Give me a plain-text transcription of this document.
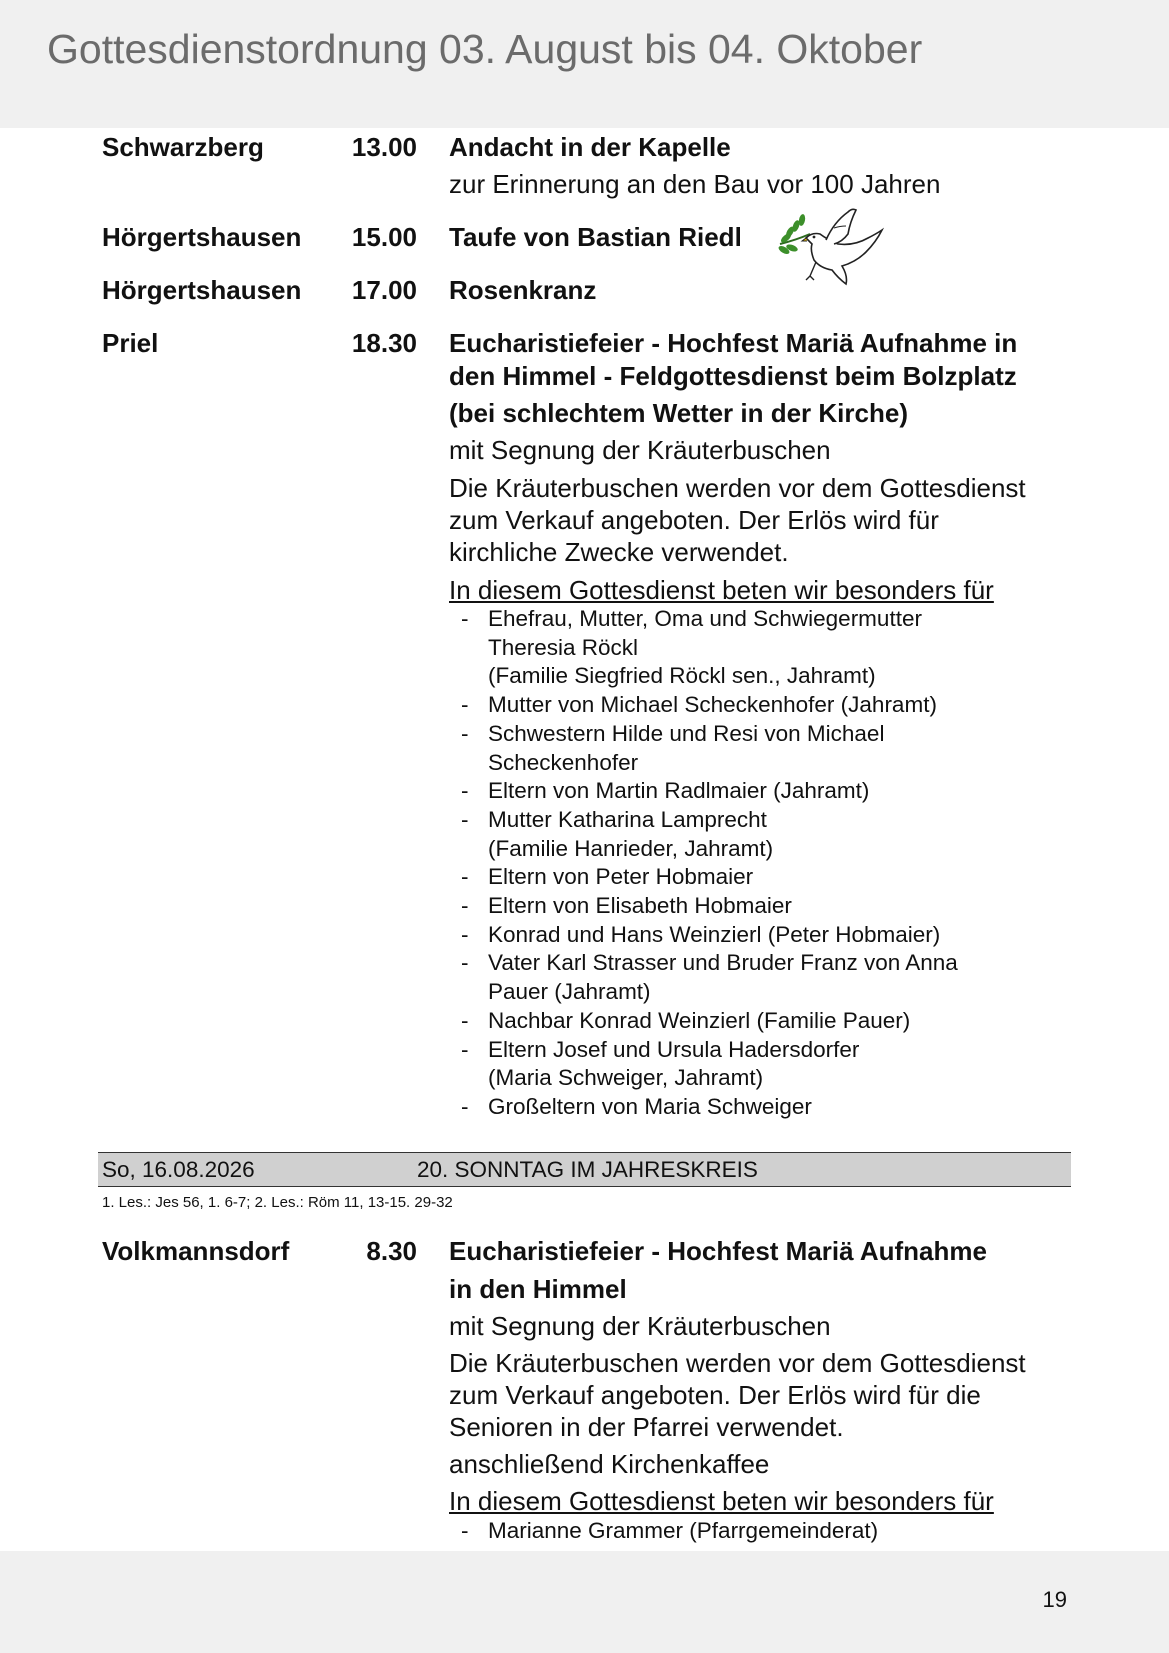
Gottesdienstordnung 03. August bis 04. Oktober
Schwarzberg	13.00 Andacht in der Kapelle
zur Erinnerung an den Bau vor 100 Jahren
Hörgertshausen	15.00 Taufe von Bastian Riedl
Hörgertshausen	17.00 Rosenkranz
Priel	18.30 Eucharistiefeier - Hochfest Mariä Aufnahme in
den Himmel - Feldgottesdienst beim Bolzplatz
(bei schlechtem Wetter in der Kirche)
mit Segnung der Kräuterbuschen
Die Kräuterbuschen werden vor dem Gottesdienst
zum Verkauf angeboten. Der Erlös wird für
kirchliche Zwecke verwendet.
In diesem Gottesdienst beten wir besonders für
- Ehefrau, Mutter, Oma und Schwiegermutter
Theresia Röckl
(Familie Siegfried Röckl sen., Jahramt)
- Mutter von Michael Scheckenhofer (Jahramt)
- Schwestern Hilde und Resi von Michael
Scheckenhofer
- Eltern von Martin Radlmaier (Jahramt)
- Mutter Katharina Lamprecht
(Familie Hanrieder, Jahramt)
- Eltern von Peter Hobmaier
- Eltern von Elisabeth Hobmaier
- Konrad und Hans Weinzierl (Peter Hobmaier)
- Vater Karl Strasser und Bruder Franz von Anna
Pauer (Jahramt)
- Nachbar Konrad Weinzierl (Familie Pauer)
- Eltern Josef und Ursula Hadersdorfer
(Maria Schweiger, Jahramt)
- Großeltern von Maria Schweiger
So, 16.08.2026	20. SONNTAG IM JAHRESKREIS
1. Les.: Jes 56, 1. 6-7; 2. Les.: Röm 11, 13-15. 29-32
Volkmannsdorf	8.30 Eucharistiefeier - Hochfest Mariä Aufnahme
in den Himmel
mit Segnung der Kräuterbuschen
Die Kräuterbuschen werden vor dem Gottesdienst
zum Verkauf angeboten. Der Erlös wird für die
Senioren in der Pfarrei verwendet.
anschließend Kirchenkaffee
In diesem Gottesdienst beten wir besonders für
- Marianne Grammer (Pfarrgemeinderat)
19
